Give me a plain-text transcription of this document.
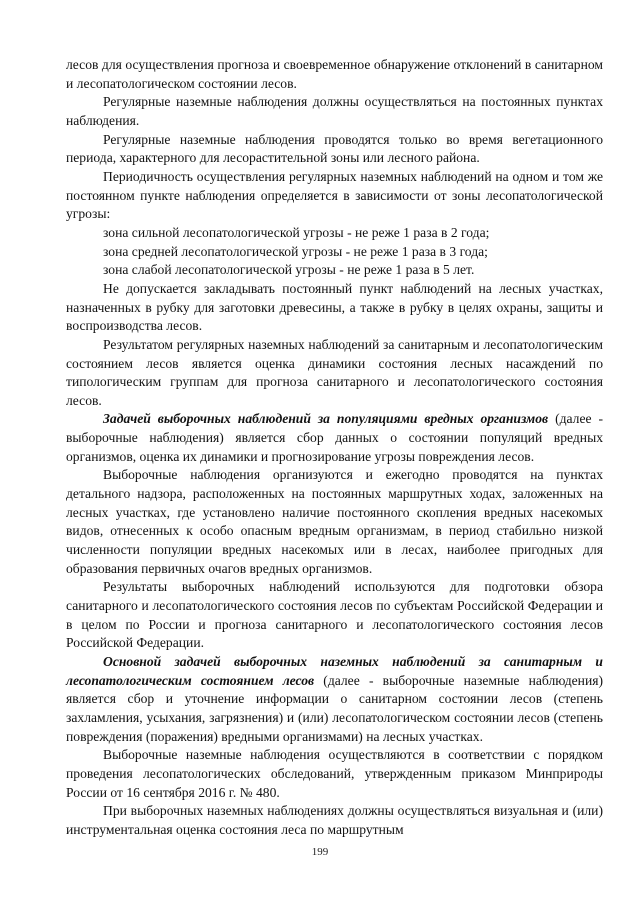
лесов для осуществления прогноза и своевременное обнаружение отклонений в санитарном и лесопатологическом состоянии лесов.

Регулярные наземные наблюдения должны осуществляться на постоянных пунктах наблюдения.

Регулярные наземные наблюдения проводятся только во время вегетационного периода, характерного для лесорастительной зоны или лесного района.

Периодичность осуществления регулярных наземных наблюдений на одном и том же постоянном пункте наблюдения определяется в зависимости от зоны лесопатологической угрозы:

зона сильной лесопатологической угрозы - не реже 1 раза в 2 года;

зона средней лесопатологической угрозы - не реже 1 раза в 3 года;

зона слабой лесопатологической угрозы - не реже 1 раза в 5 лет.

Не допускается закладывать постоянный пункт наблюдений на лесных участках, назначенных в рубку для заготовки древесины, а также в рубку в целях охраны, защиты и воспроизводства лесов.

Результатом регулярных наземных наблюдений за санитарным и лесопатологическим состоянием лесов является оценка динамики состояния лесных насаждений по типологическим группам для прогноза санитарного и лесопатологического состояния лесов.

Задачей выборочных наблюдений за популяциями вредных организмов (далее - выборочные наблюдения) является сбор данных о состоянии популяций вредных организмов, оценка их динамики и прогнозирование угрозы повреждения лесов.

Выборочные наблюдения организуются и ежегодно проводятся на пунктах детального надзора, расположенных на постоянных маршрутных ходах, заложенных на лесных участках, где установлено наличие постоянного скопления вредных насекомых видов, отнесенных к особо опасным вредным организмам, в период стабильно низкой численности популяции вредных насекомых или в лесах, наиболее пригодных для образования первичных очагов вредных организмов.

Результаты выборочных наблюдений используются для подготовки обзора санитарного и лесопатологического состояния лесов по субъектам Российской Федерации и в целом по России и прогноза санитарного и лесопатологического состояния лесов Российской Федерации.

Основной задачей выборочных наземных наблюдений за санитарным и лесопатологическим состоянием лесов (далее - выборочные наземные наблюдения) является сбор и уточнение информации о санитарном состоянии лесов (степень захламления, усыхания, загрязнения) и (или) лесопатологическом состоянии лесов (степень повреждения (поражения) вредными организмами) на лесных участках.

Выборочные наземные наблюдения осуществляются в соответствии с порядком проведения лесопатологических обследований, утвержденным приказом Минприроды России от 16 сентября 2016 г. № 480.

При выборочных наземных наблюдениях должны осуществляться визуальная и (или) инструментальная оценка состояния леса по маршрутным

199
